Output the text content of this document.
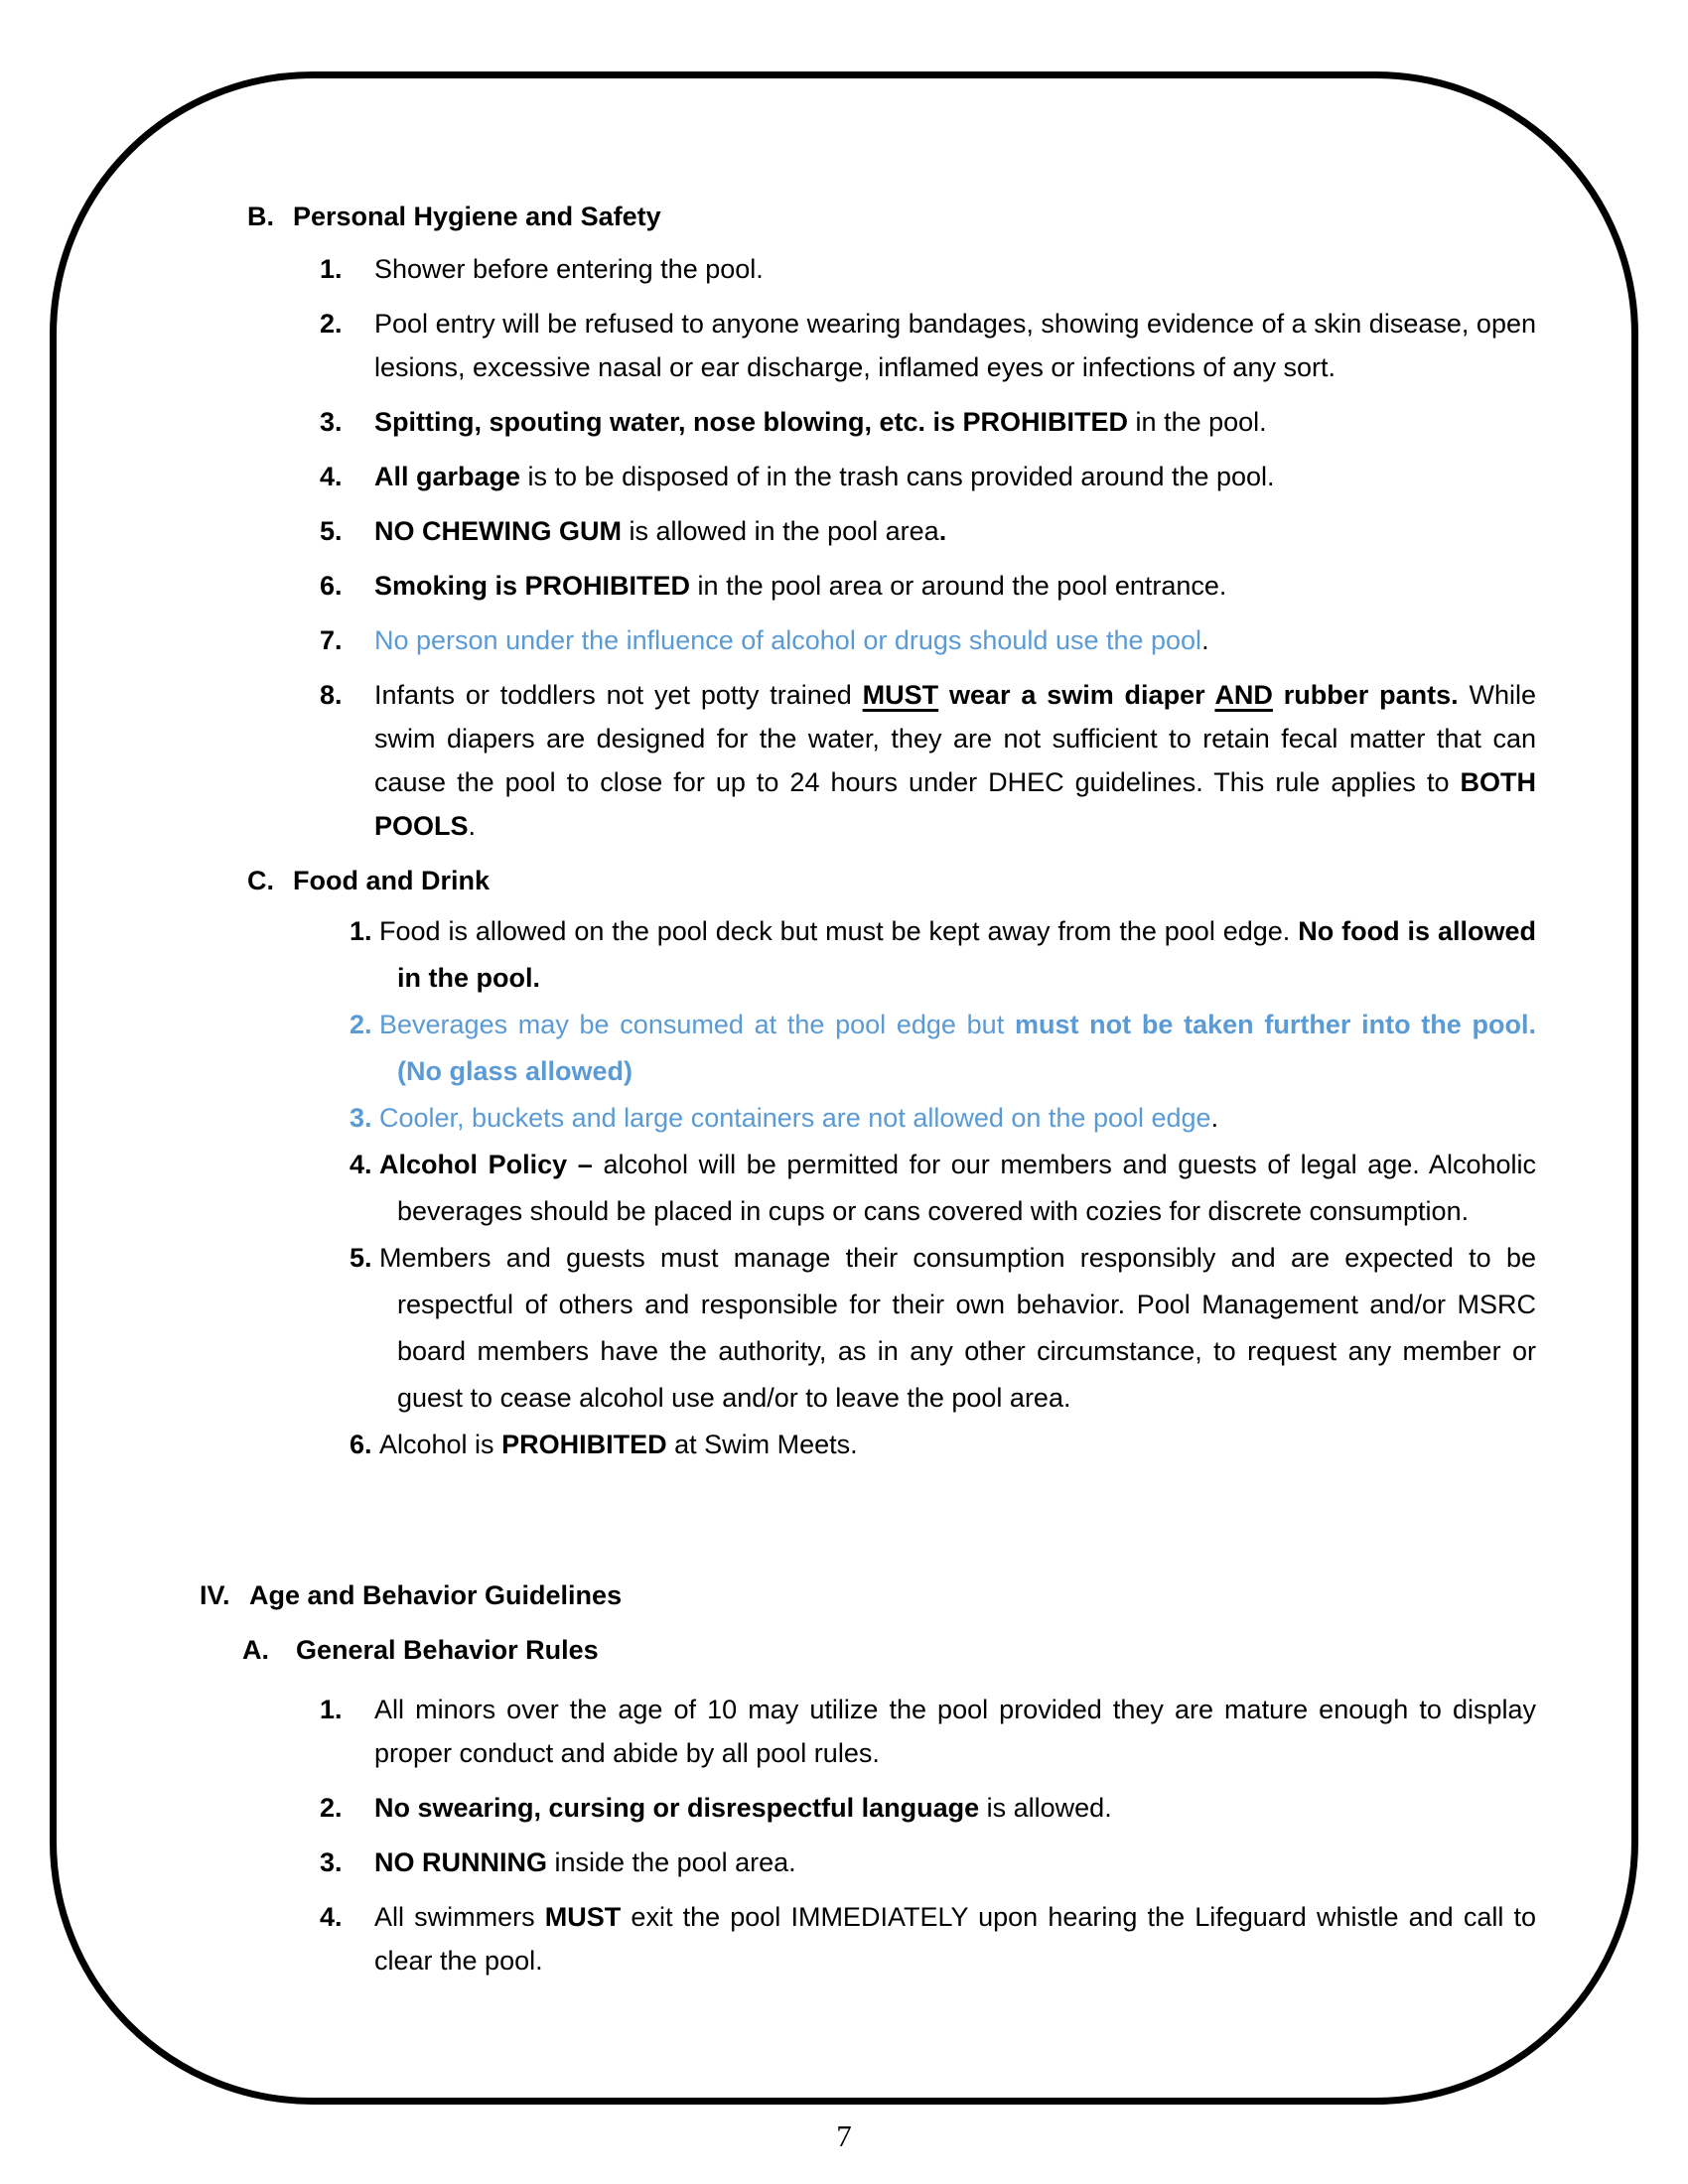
B. Personal Hygiene and Safety

1. Shower before entering the pool.
2. Pool entry will be refused to anyone wearing bandages, showing evidence of a skin disease, open lesions, excessive nasal or ear discharge, inflamed eyes or infections of any sort.
3. Spitting, spouting water, nose blowing, etc. is PROHIBITED in the pool.
4. All garbage is to be disposed of in the trash cans provided around the pool.
5. NO CHEWING GUM is allowed in the pool area.
6. Smoking is PROHIBITED in the pool area or around the pool entrance.
7. No person under the influence of alcohol or drugs should use the pool.
8. Infants or toddlers not yet potty trained MUST wear a swim diaper AND rubber pants. While swim diapers are designed for the water, they are not sufficient to retain fecal matter that can cause the pool to close for up to 24 hours under DHEC guidelines. This rule applies to BOTH POOLS.

C. Food and Drink

1. Food is allowed on the pool deck but must be kept away from the pool edge. No food is allowed in the pool.
2. Beverages may be consumed at the pool edge but must not be taken further into the pool. (No glass allowed)
3. Cooler, buckets and large containers are not allowed on the pool edge.
4. Alcohol Policy – alcohol will be permitted for our members and guests of legal age. Alcoholic beverages should be placed in cups or cans covered with cozies for discrete consumption.
5. Members and guests must manage their consumption responsibly and are expected to be respectful of others and responsible for their own behavior. Pool Management and/or MSRC board members have the authority, as in any other circumstance, to request any member or guest to cease alcohol use and/or to leave the pool area.
6. Alcohol is PROHIBITED at Swim Meets.

IV. Age and Behavior Guidelines

A. General Behavior Rules

1. All minors over the age of 10 may utilize the pool provided they are mature enough to display proper conduct and abide by all pool rules.
2. No swearing, cursing or disrespectful language is allowed.
3. NO RUNNING inside the pool area.
4. All swimmers MUST exit the pool IMMEDIATELY upon hearing the Lifeguard whistle and call to clear the pool.
7
